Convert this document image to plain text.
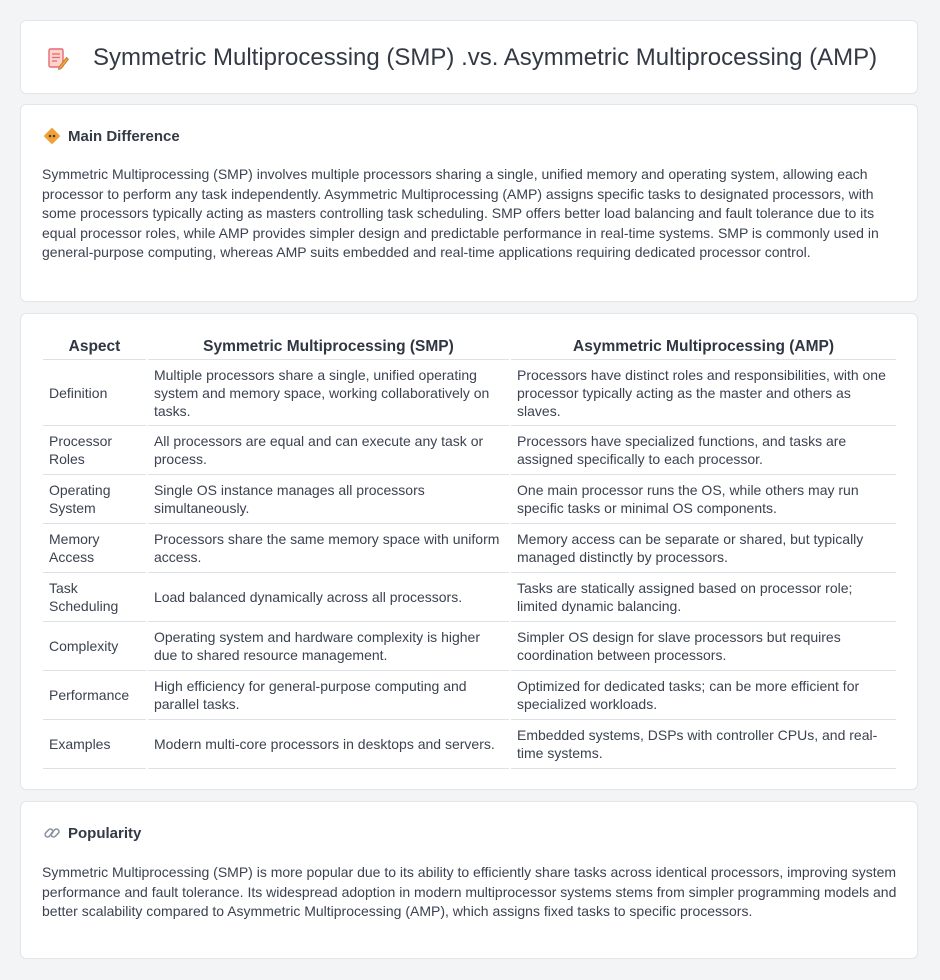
Symmetric Multiprocessing (SMP) .vs. Asymmetric Multiprocessing (AMP)
Main Difference

Symmetric Multiprocessing (SMP) involves multiple processors sharing a single, unified memory and operating system, allowing each processor to perform any task independently. Asymmetric Multiprocessing (AMP) assigns specific tasks to designated processors, with some processors typically acting as masters controlling task scheduling. SMP offers better load balancing and fault tolerance due to its equal processor roles, while AMP provides simpler design and predictable performance in real-time systems. SMP is commonly used in general-purpose computing, whereas AMP suits embedded and real-time applications requiring dedicated processor control.

Aspect	Symmetric Multiprocessing (SMP)	Asymmetric Multiprocessing (AMP)
Definition	Multiple processors share a single, unified operating system and memory space, working collaboratively on tasks.	Processors have distinct roles and responsibilities, with one processor typically acting as the master and others as slaves.
Processor Roles	All processors are equal and can execute any task or process.	Processors have specialized functions, and tasks are assigned specifically to each processor.
Operating System	Single OS instance manages all processors simultaneously.	One main processor runs the OS, while others may run specific tasks or minimal OS components.
Memory Access	Processors share the same memory space with uniform access.	Memory access can be separate or shared, but typically managed distinctly by processors.
Task Scheduling	Load balanced dynamically across all processors.	Tasks are statically assigned based on processor role; limited dynamic balancing.
Complexity	Operating system and hardware complexity is higher due to shared resource management.	Simpler OS design for slave processors but requires coordination between processors.
Performance	High efficiency for general-purpose computing and parallel tasks.	Optimized for dedicated tasks; can be more efficient for specialized workloads.
Examples	Modern multi-core processors in desktops and servers.	Embedded systems, DSPs with controller CPUs, and real-time systems.
Popularity

Symmetric Multiprocessing (SMP) is more popular due to its ability to efficiently share tasks across identical processors, improving system performance and fault tolerance. Its widespread adoption in modern multiprocessor systems stems from simpler programming models and better scalability compared to Asymmetric Multiprocessing (AMP), which assigns fixed tasks to specific processors.
